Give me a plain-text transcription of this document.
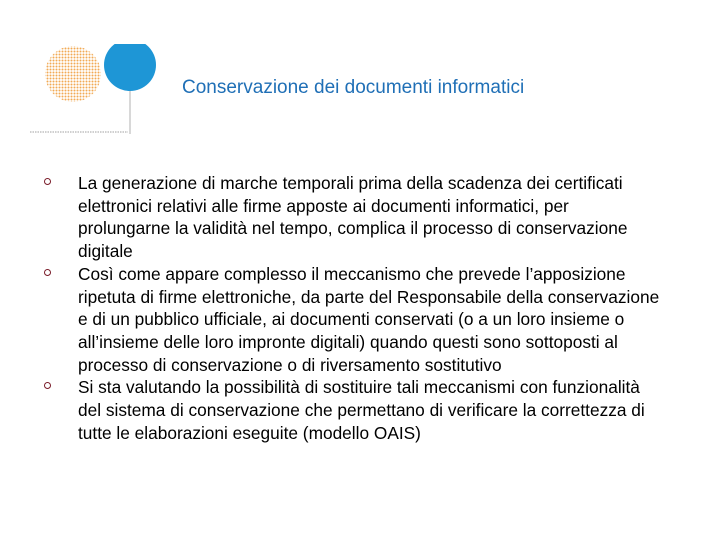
Conservazione dei documenti informatici
La generazione di marche temporali prima della scadenza dei certificati elettronici relativi alle firme apposte ai documenti informatici, per prolungarne la validità nel tempo, complica il processo di conservazione digitale
Così come appare complesso il meccanismo che prevede l’apposizione ripetuta di firme elettroniche, da parte del Responsabile della conservazione e di un pubblico ufficiale, ai documenti conservati (o a un loro insieme o all’insieme delle loro impronte digitali) quando questi sono sottoposti al processo di conservazione o di riversamento sostitutivo
Si sta valutando la possibilità di sostituire tali meccanismi con funzionalità del sistema di conservazione che permettano di verificare la correttezza di tutte le elaborazioni eseguite (modello OAIS)
